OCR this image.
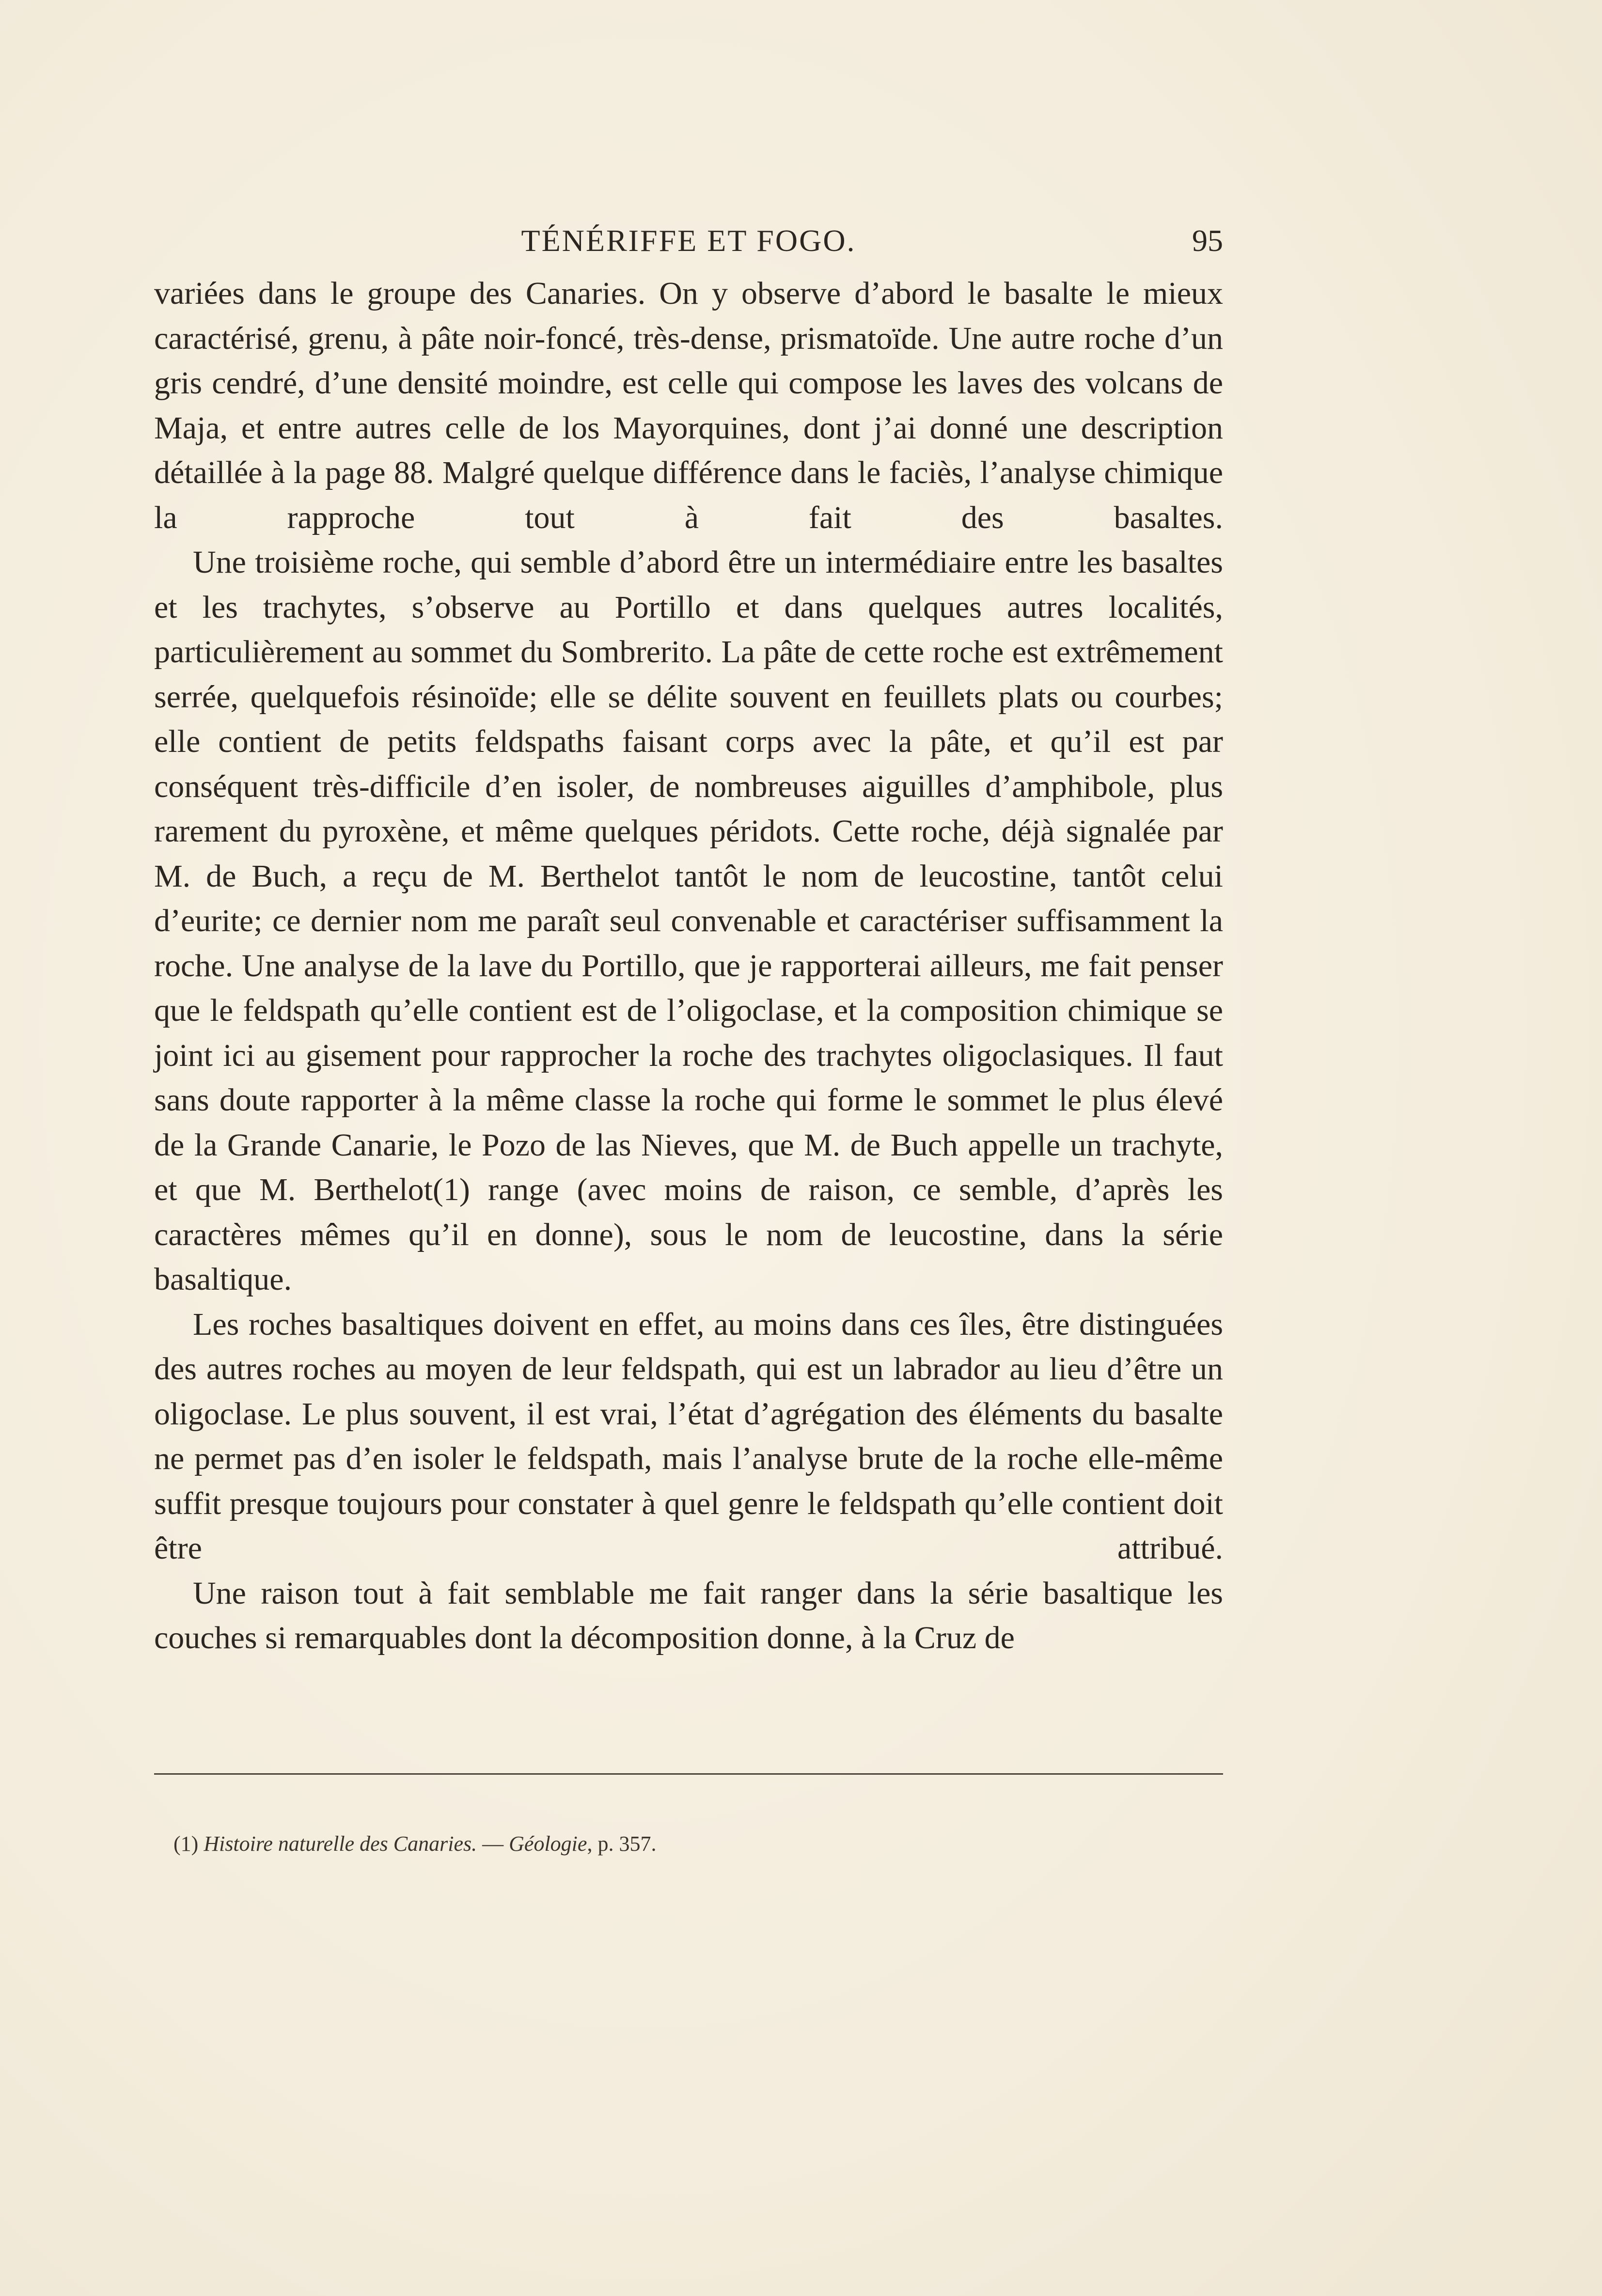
TÉNÉRIFFE ET FOGO.	95

variées dans le groupe des Canaries. On y observe d’abord le basalte le mieux caractérisé, grenu, à pâte noir-foncé, très-dense, prismatoïde. Une autre roche d’un gris cendré, d’une densité moindre, est celle qui compose les laves des volcans de Maja, et entre autres celle de los Mayorquines, dont j’ai donné une description détaillée à la page 88. Malgré quelque différence dans le faciès, l’analyse chimique la rapproche tout à fait des basaltes.

Une troisième roche, qui semble d’abord être un intermédiaire entre les basaltes et les trachytes, s’observe au Portillo et dans quelques autres localités, particulièrement au sommet du Sombrerito. La pâte de cette roche est extrêmement serrée, quelquefois résinoïde; elle se délite souvent en feuillets plats ou courbes; elle contient de petits feldspaths faisant corps avec la pâte, et qu’il est par conséquent très-difficile d’en isoler, de nombreuses aiguilles d’amphibole, plus rarement du pyroxène, et même quelques péridots. Cette roche, déjà signalée par M. de Buch, a reçu de M. Berthelot tantôt le nom de leucostine, tantôt celui d’eurite; ce dernier nom me paraît seul convenable et caractériser suffisamment la roche. Une analyse de la lave du Portillo, que je rapporterai ailleurs, me fait penser que le feldspath qu’elle contient est de l’oligoclase, et la composition chimique se joint ici au gisement pour rapprocher la roche des trachytes oligoclasiques. Il faut sans doute rapporter à la même classe la roche qui forme le sommet le plus élevé de la Grande Canarie, le Pozo de las Nieves, que M. de Buch appelle un trachyte, et que M. Berthelot(1) range (avec moins de raison, ce semble, d’après les caractères mêmes qu’il en donne), sous le nom de leucostine, dans la série basaltique.

Les roches basaltiques doivent en effet, au moins dans ces îles, être distinguées des autres roches au moyen de leur feldspath, qui est un labrador au lieu d’être un oligoclase. Le plus souvent, il est vrai, l’état d’agrégation des éléments du basalte ne permet pas d’en isoler le feldspath, mais l’analyse brute de la roche elle-même suffit presque toujours pour constater à quel genre le feldspath qu’elle contient doit être attribué.

Une raison tout à fait semblable me fait ranger dans la série basaltique les couches si remarquables dont la décomposition donne, à la Cruz de

(1) Histoire naturelle des Canaries. — Géologie, p. 357.
